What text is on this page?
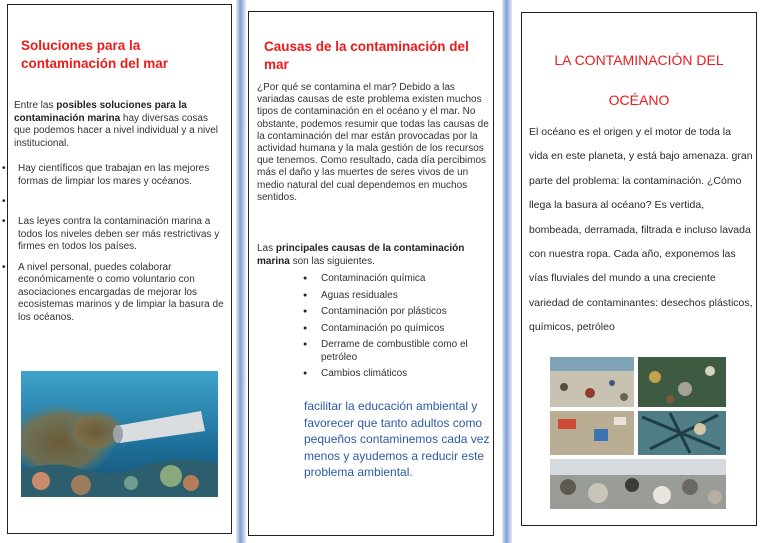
Soluciones para la contaminación del mar
Entre las posibles soluciones para la contaminación marina hay diversas cosas que podemos hacer a nivel individual y a nivel institucional.
• Hay científicos que trabajan en las mejores formas de limpiar los mares y océanos.
•
• Las leyes contra la contaminación marina a todos los niveles deben ser más restrictivas y firmes en todos los países.
• A nivel personal, puedes colaborar económicamente o como voluntario con asociaciones encargadas de mejorar los ecosistemas marinos y de limpiar la basura de los océanos.
Causas de la contaminación del mar
¿Por qué se contamina el mar? Debido a las variadas causas de este problema existen muchos tipos de contaminación en el océano y el mar. No obstante, podemos resumir que todas las causas de la contaminación del mar están provocadas por la actividad humana y la mala gestión de los recursos que tenemos. Como resultado, cada día percibimos más el daño y las muertes de seres vivos de un medio natural del cual dependemos en muchos sentidos.
Las principales causas de la contaminación marina son las siguientes.
● Contaminación química
● Aguas residuales
● Contaminación por plásticos
● Contaminación po químicos
● Derrame de combustible como el petróleo
● Cambios climáticos
facilitar la educación ambiental y favorecer que tanto adultos como pequeños contaminemos cada vez menos y ayudemos a reducir este problema ambiental.
LA CONTAMINACIÓN DEL
OCÉANO
El océano es el origen y el motor de toda la vida en este planeta, y está bajo amenaza. gran parte del problema: la contaminación. ¿Cómo llega la basura al océano? Es vertida, bombeada, derramada, filtrada e incluso lavada con nuestra ropa. Cada año, exponemos las vías fluviales del mundo a una creciente variedad de contaminantes: desechos plásticos, químicos, petróleo
